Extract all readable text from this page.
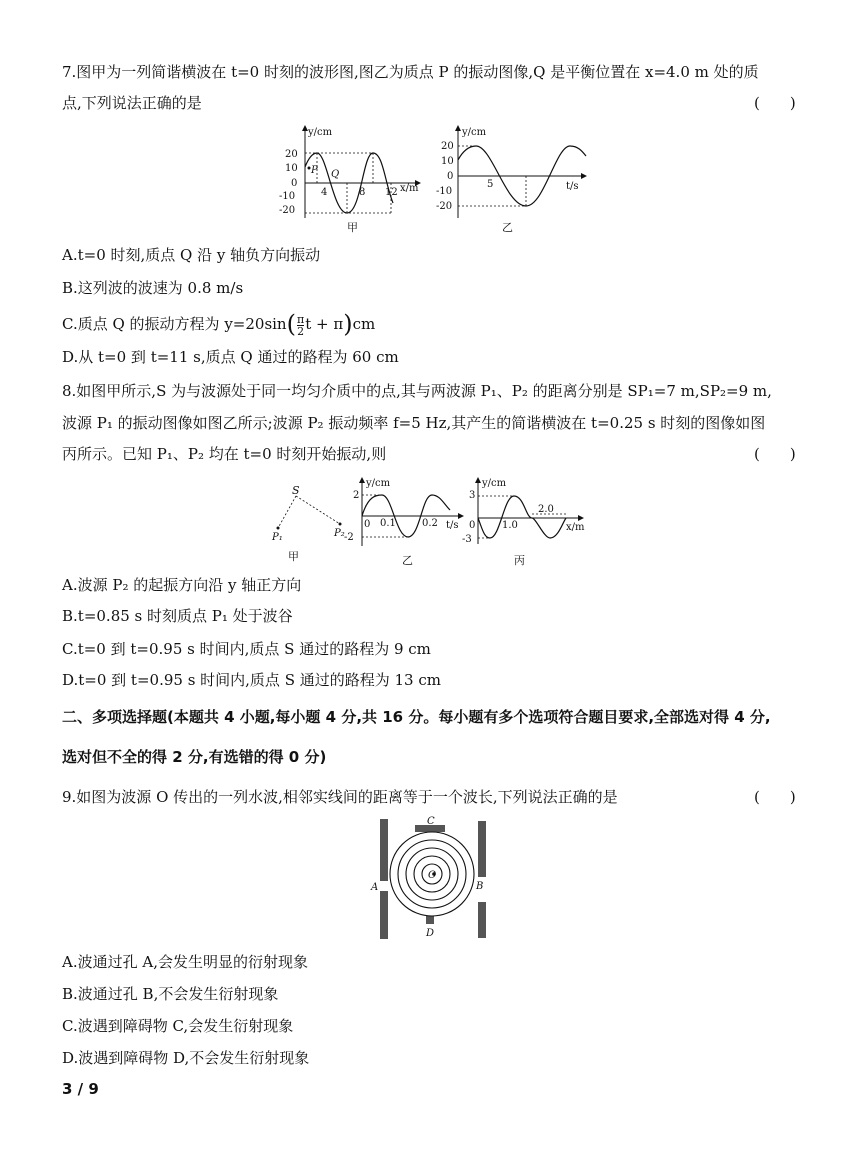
7.图甲为一列简谐横波在 t=0 时刻的波形图,图乙为质点 P 的振动图像,Q 是平衡位置在 x=4.0 m 处的质
点,下列说法正确的是	(　　)
y/cm
x/m
20
10
0
-10
-20
4	8 12
P Q
甲
y/cm
t/s
20
10
0
-10
-20
5
乙
A.t=0 时刻,质点 Q 沿 y 轴负方向振动
B.这列波的波速为 0.8 m/s
C.质点 Q 的振动方程为 $y=20\sin(\frac{\pi}{2}$ t + π)cm
D.从 t=0 到 t=11 s,质点 Q 通过的路程为 60 cm
8.如图甲所示,S 为与波源处于同一均匀介质中的点,其与两波源 P₁、P₂ 的距离分别是 SP₁=7 m,SP₂=9 m,
波源 P₁ 的振动图像如图乙所示;波源 P₂ 振动频率 f=5 Hz,其产生的简谐横波在 t=0.25 s 时刻的图像如图
丙所示。已知 P₁、P₂ 均在 t=0 时刻开始振动,则	(　　)
S
P₁	P₂
甲
y/cm
t/s
2
-2
0 0.1	0.2
乙
y/cm
x/m
3
-3
0	1.0
2.0
丙
A.波源 P₂ 的起振方向沿 y 轴正方向
B.t=0.85 s 时刻质点 P₁ 处于波谷
C.t=0 到 t=0.95 s 时间内,质点 S 通过的路程为 9 cm
D.t=0 到 t=0.95 s 时间内,质点 S 通过的路程为 13 cm
二、多项选择题(本题共 4 小题,每小题 4 分,共 16 分。每小题有多个选项符合题目要求,全部选对得 4 分,
选对但不全的得 2 分,有选错的得 0 分)
9.如图为波源 O 传出的一列水波,相邻实线间的距离等于一个波长,下列说法正确的是	(　　)
O
A	B
C
D
A.波通过孔 A,会发生明显的衍射现象
B.波通过孔 B,不会发生衍射现象
C.波遇到障碍物 C,会发生衍射现象
D.波遇到障碍物 D,不会发生衍射现象
3 / 9
